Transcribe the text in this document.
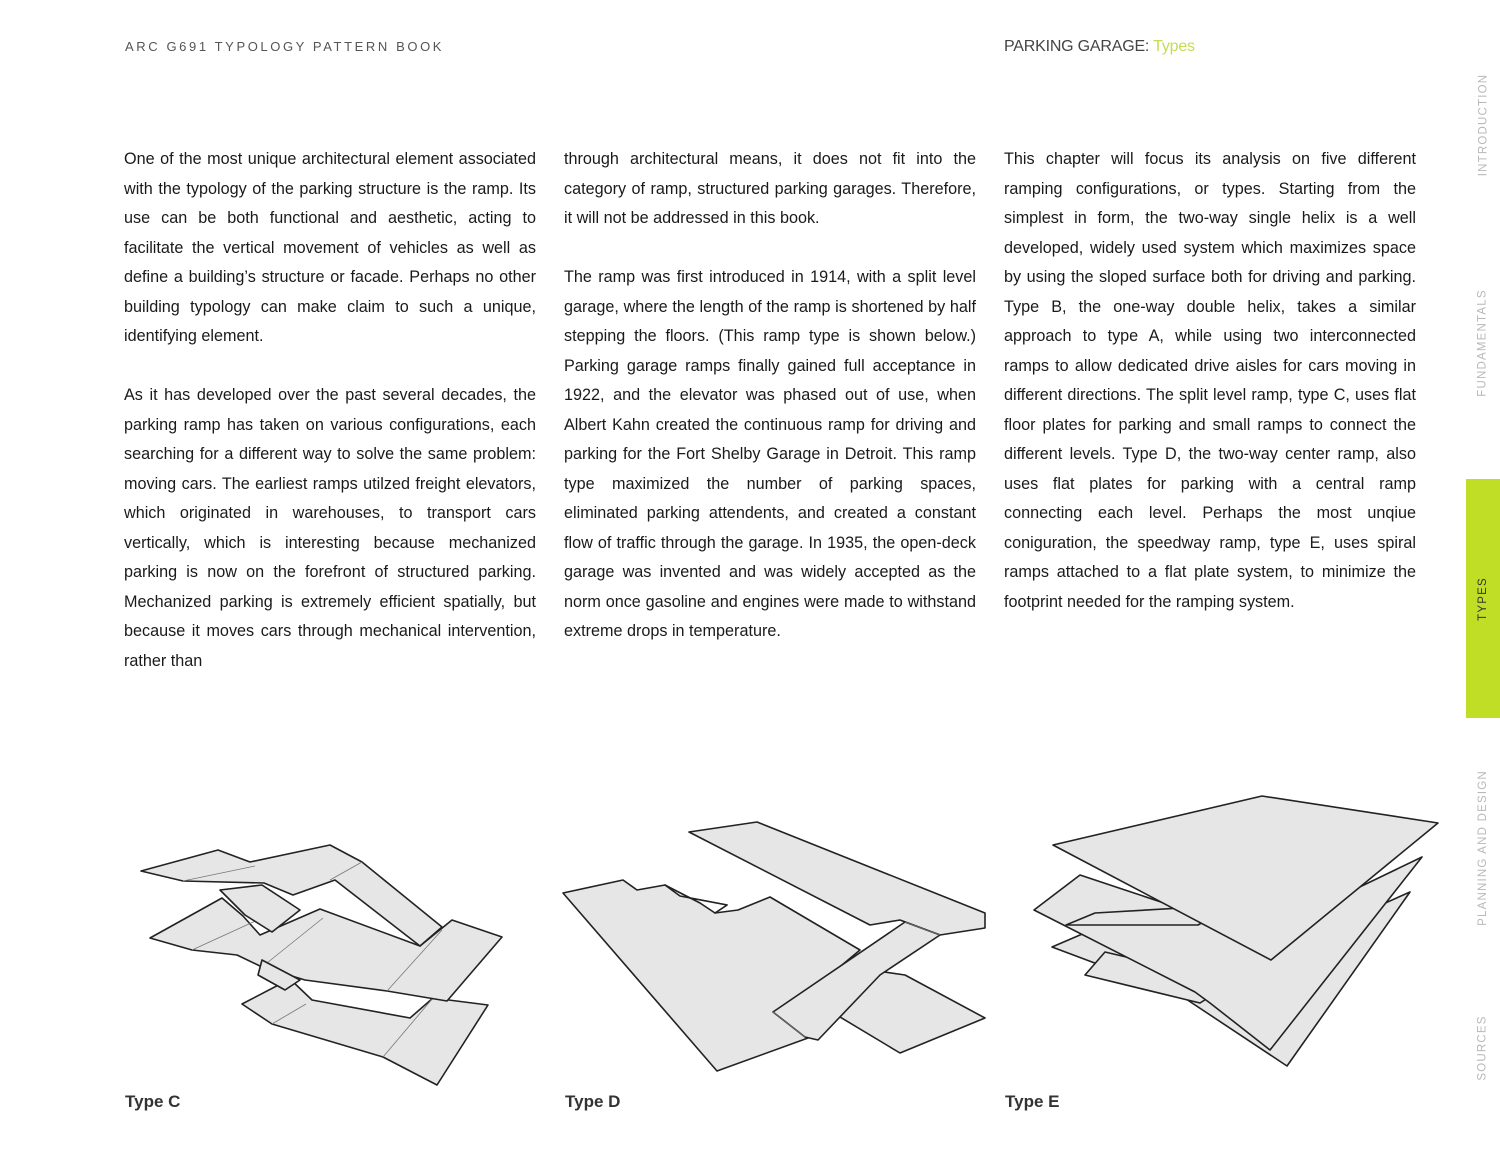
ARC G691 TYPOLOGY PATTERN BOOK	PARKING GARAGE: Types

One of the most unique architectural element associated with the typology of the parking structure is the ramp. Its use can be both functional and aesthetic, acting to facilitate the vertical movement of vehicles as well as define a building’s structure or facade. Perhaps no other building typology can make claim to such a unique, identifying element.

As it has developed over the past several decades, the parking ramp has taken on various configurations, each searching for a different way to solve the same problem: moving cars. The earliest ramps utilzed freight elevators, which originated in warehouses, to transport cars vertically, which is interesting because mechanized parking is now on the forefront of structured parking. Mechanized parking is extremely efficient spatially, but because it moves cars through mechanical intervention, rather than

through architectural means, it does not fit into the category of ramp, structured parking garages. Therefore, it will not be addressed in this book.

The ramp was first introduced in 1914, with a split level garage, where the length of the ramp is shortened by half stepping the floors. (This ramp type is shown below.) Parking garage ramps finally gained full acceptance in 1922, and the elevator was phased out of use, when Albert Kahn created the continuous ramp for driving and parking for the Fort Shelby Garage in Detroit. This ramp type maximized the number of parking spaces, eliminated parking attendents, and created a constant flow of traffic through the garage. In 1935, the open-deck garage was invented and was widely accepted as the norm once gasoline and engines were made to withstand extreme drops in temperature.

This chapter will focus its analysis on five different ramping configurations, or types. Starting from the simplest in form, the two-way single helix is a well developed, widely used system which maximizes space by using the sloped surface both for driving and parking. Type B, the one-way double helix, takes a similar approach to type A, while using two interconnected ramps to allow dedicated drive aisles for cars moving in different directions. The split level ramp, type C, uses flat floor plates for parking and small ramps to connect the different levels. Type D, the two-way center ramp, also uses flat plates for parking with a central ramp connecting each level. Perhaps the most unqiue coniguration, the speedway ramp, type E, uses spiral ramps attached to a flat plate system, to minimize the footprint needed for the ramping system.

INTRODUCTION
FUNDAMENTALS
TYPES
PLANNING AND DESIGN
SOURCES
Type C	Type D	Type E
